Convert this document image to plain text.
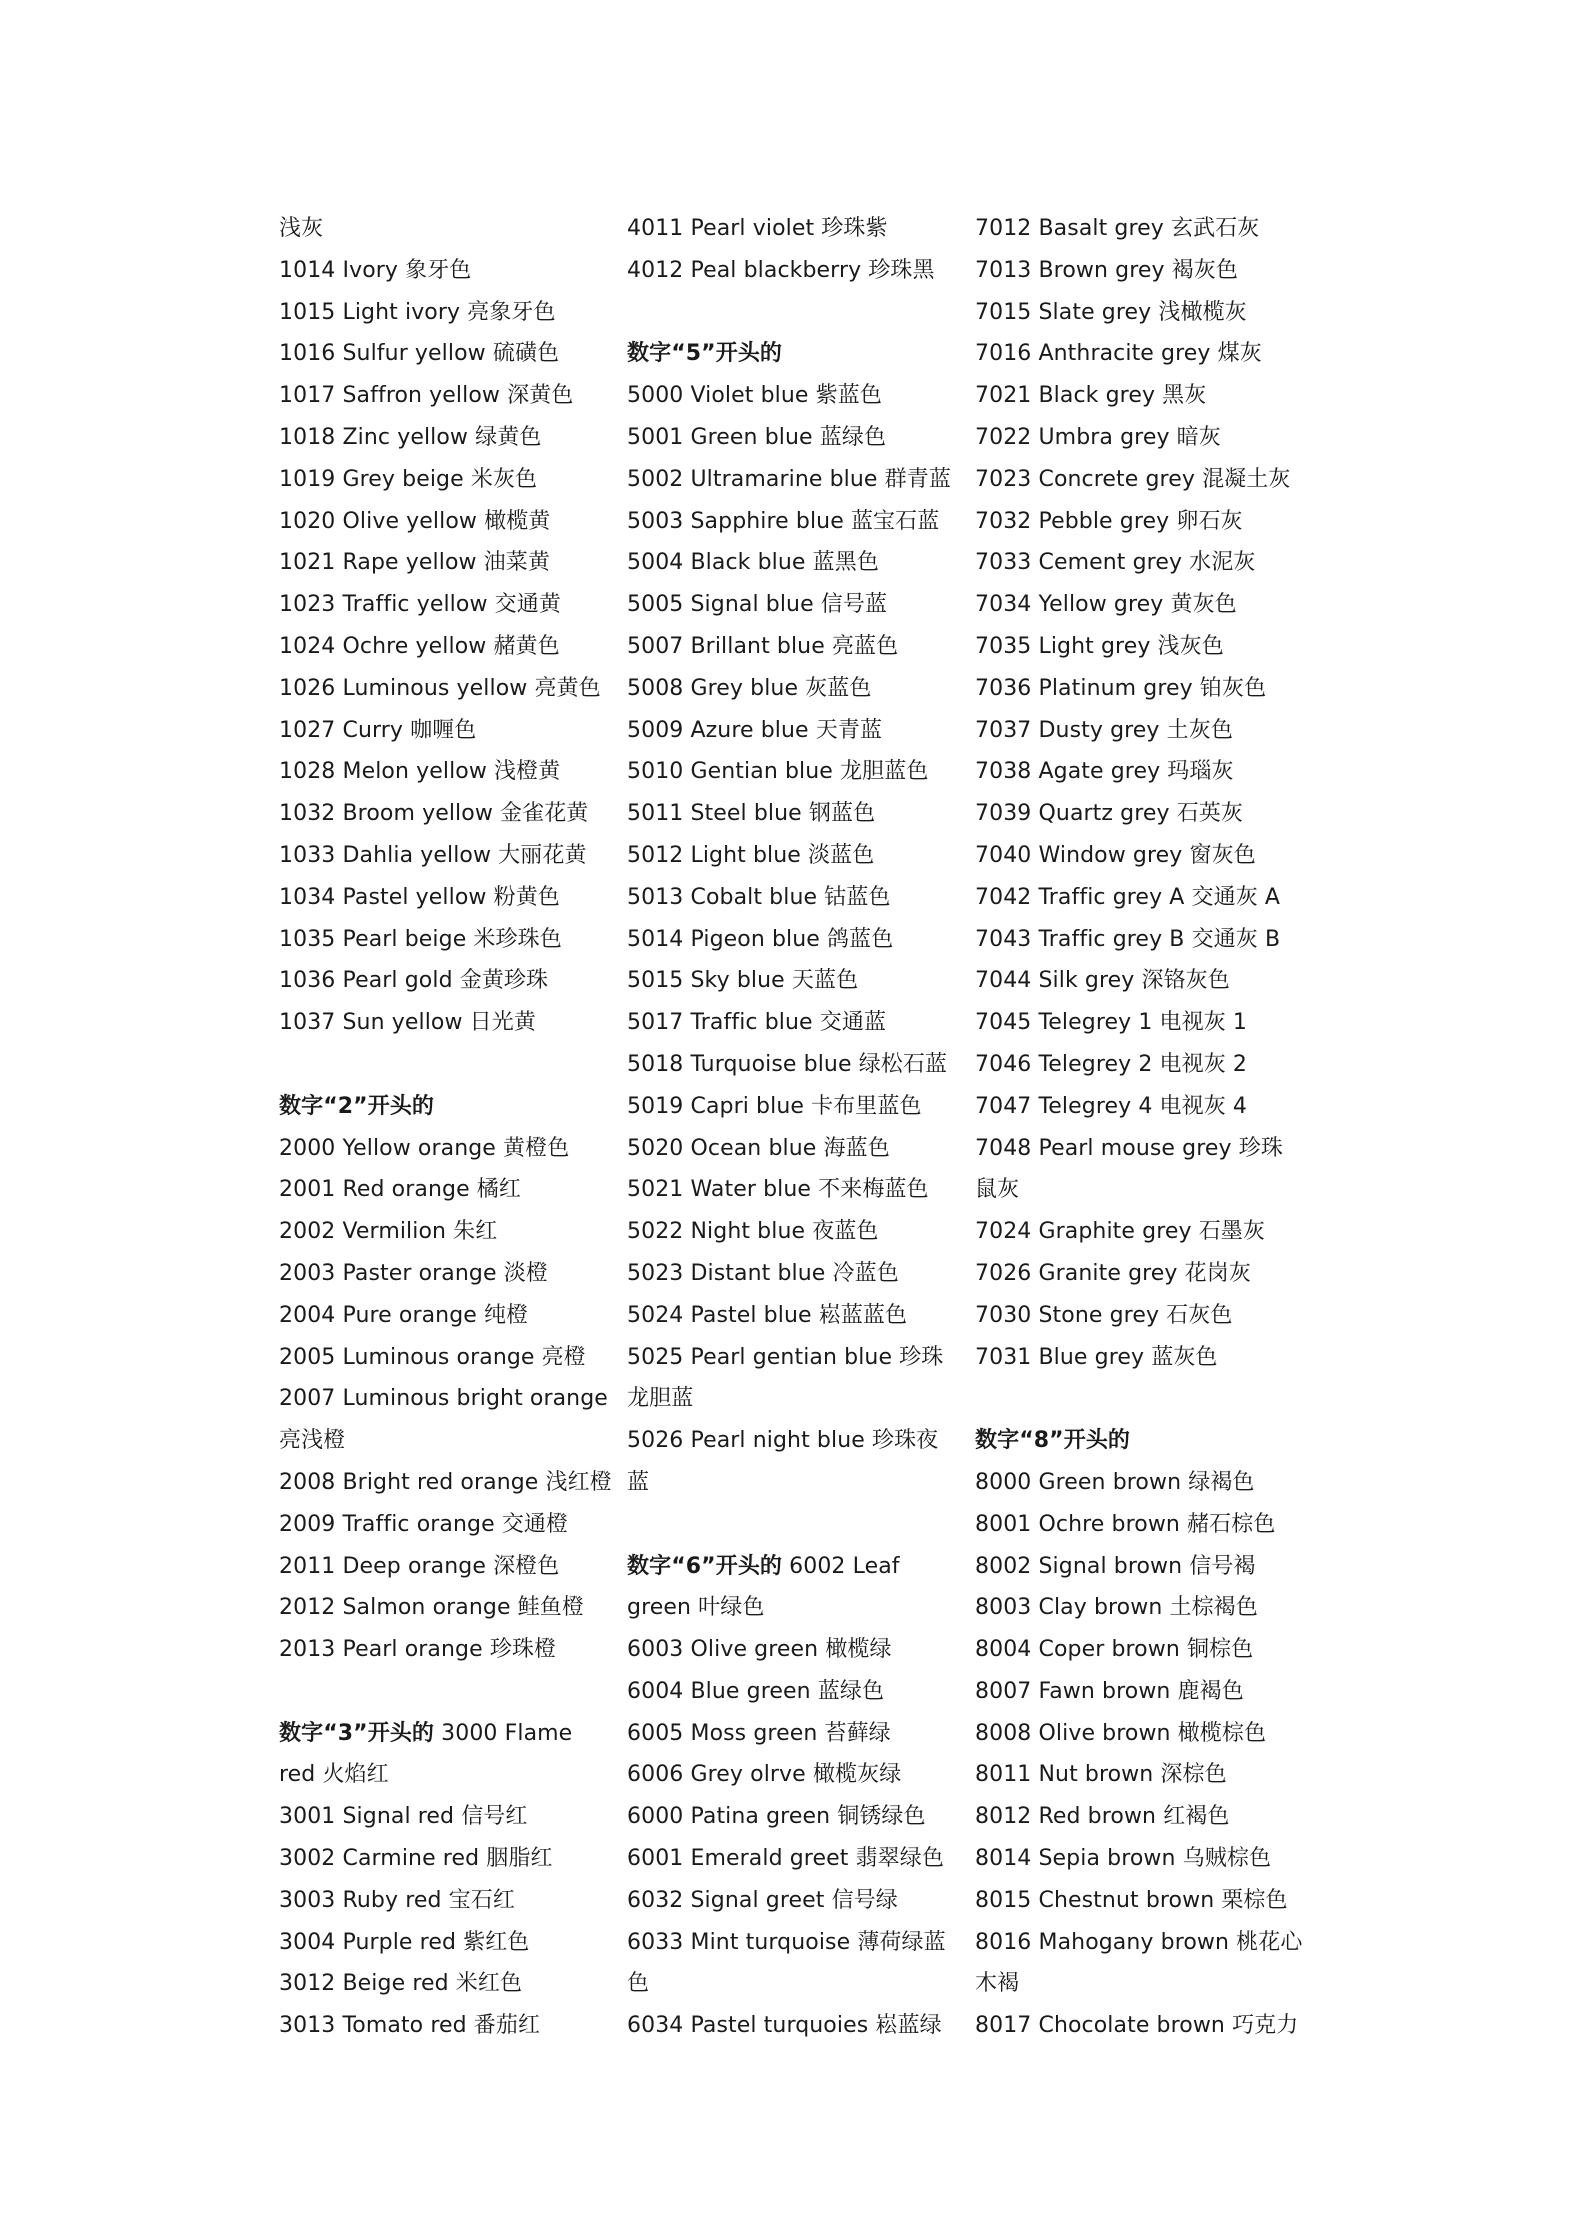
浅灰
1014 Ivory 象牙色
1015 Light ivory 亮象牙色
1016 Sulfur yellow 硫磺色
1017 Saffron yellow 深黄色
1018 Zinc yellow 绿黄色
1019 Grey beige 米灰色
1020 Olive yellow 橄榄黄
1021 Rape yellow 油菜黄
1023 Traffic yellow 交通黄
1024 Ochre yellow 赭黄色
1026 Luminous yellow 亮黄色
1027 Curry 咖喱色
1028 Melon yellow 浅橙黄
1032 Broom yellow 金雀花黄
1033 Dahlia yellow 大丽花黄
1034 Pastel yellow 粉黄色
1035 Pearl beige 米珍珠色
1036 Pearl gold 金黄珍珠
1037 Sun yellow 日光黄
数字“2”开头的
2000 Yellow orange 黄橙色
2001 Red orange 橘红
2002 Vermilion 朱红
2003 Paster orange 淡橙
2004 Pure orange 纯橙
2005 Luminous orange 亮橙
2007 Luminous bright orange
亮浅橙
2008 Bright red orange 浅红橙
2009 Traffic orange 交通橙
2011 Deep orange 深橙色
2012 Salmon orange 鲑鱼橙
2013 Pearl orange 珍珠橙
数字“3”开头的 3000 Flame
red 火焰红
3001 Signal red 信号红
3002 Carmine red 胭脂红
3003 Ruby red 宝石红
3004 Purple red 紫红色
3012 Beige red 米红色
3013 Tomato red 番茄红
4011 Pearl violet 珍珠紫
4012 Peal blackberry 珍珠黑
数字“5”开头的
5000 Violet blue 紫蓝色
5001 Green blue 蓝绿色
5002 Ultramarine blue 群青蓝
5003 Sapphire blue 蓝宝石蓝
5004 Black blue 蓝黑色
5005 Signal blue 信号蓝
5007 Brillant blue 亮蓝色
5008 Grey blue 灰蓝色
5009 Azure blue 天青蓝
5010 Gentian blue 龙胆蓝色
5011 Steel blue 钢蓝色
5012 Light blue 淡蓝色
5013 Cobalt blue 钴蓝色
5014 Pigeon blue 鸽蓝色
5015 Sky blue 天蓝色
5017 Traffic blue 交通蓝
5018 Turquoise blue 绿松石蓝
5019 Capri blue 卡布里蓝色
5020 Ocean blue 海蓝色
5021 Water blue 不来梅蓝色
5022 Night blue 夜蓝色
5023 Distant blue 冷蓝色
5024 Pastel blue 崧蓝蓝色
5025 Pearl gentian blue 珍珠
龙胆蓝
5026 Pearl night blue 珍珠夜
蓝
数字“6”开头的 6002 Leaf
green 叶绿色
6003 Olive green 橄榄绿
6004 Blue green 蓝绿色
6005 Moss green 苔藓绿
6006 Grey olrve 橄榄灰绿
6000 Patina green 铜锈绿色
6001 Emerald greet 翡翠绿色
6032 Signal greet 信号绿
6033 Mint turquoise 薄荷绿蓝
色
6034 Pastel turquoies 崧蓝绿
7012 Basalt grey 玄武石灰
7013 Brown grey 褐灰色
7015 Slate grey 浅橄榄灰
7016 Anthracite grey 煤灰
7021 Black grey 黑灰
7022 Umbra grey 暗灰
7023 Concrete grey 混凝土灰
7032 Pebble grey 卵石灰
7033 Cement grey 水泥灰
7034 Yellow grey 黄灰色
7035 Light grey 浅灰色
7036 Platinum grey 铂灰色
7037 Dusty grey 土灰色
7038 Agate grey 玛瑙灰
7039 Quartz grey 石英灰
7040 Window grey 窗灰色
7042 Traffic grey A 交通灰 A
7043 Traffic grey B 交通灰 B
7044 Silk grey 深铬灰色
7045 Telegrey 1 电视灰 1
7046 Telegrey 2 电视灰 2
7047 Telegrey 4 电视灰 4
7048 Pearl mouse grey 珍珠
鼠灰
7024 Graphite grey 石墨灰
7026 Granite grey 花岗灰
7030 Stone grey 石灰色
7031 Blue grey 蓝灰色
数字“8”开头的
8000 Green brown 绿褐色
8001 Ochre brown 赭石棕色
8002 Signal brown 信号褐
8003 Clay brown 土棕褐色
8004 Coper brown 铜棕色
8007 Fawn brown 鹿褐色
8008 Olive brown 橄榄棕色
8011 Nut brown 深棕色
8012 Red brown 红褐色
8014 Sepia brown 乌贼棕色
8015 Chestnut brown 栗棕色
8016 Mahogany brown 桃花心
木褐
8017 Chocolate brown 巧克力
